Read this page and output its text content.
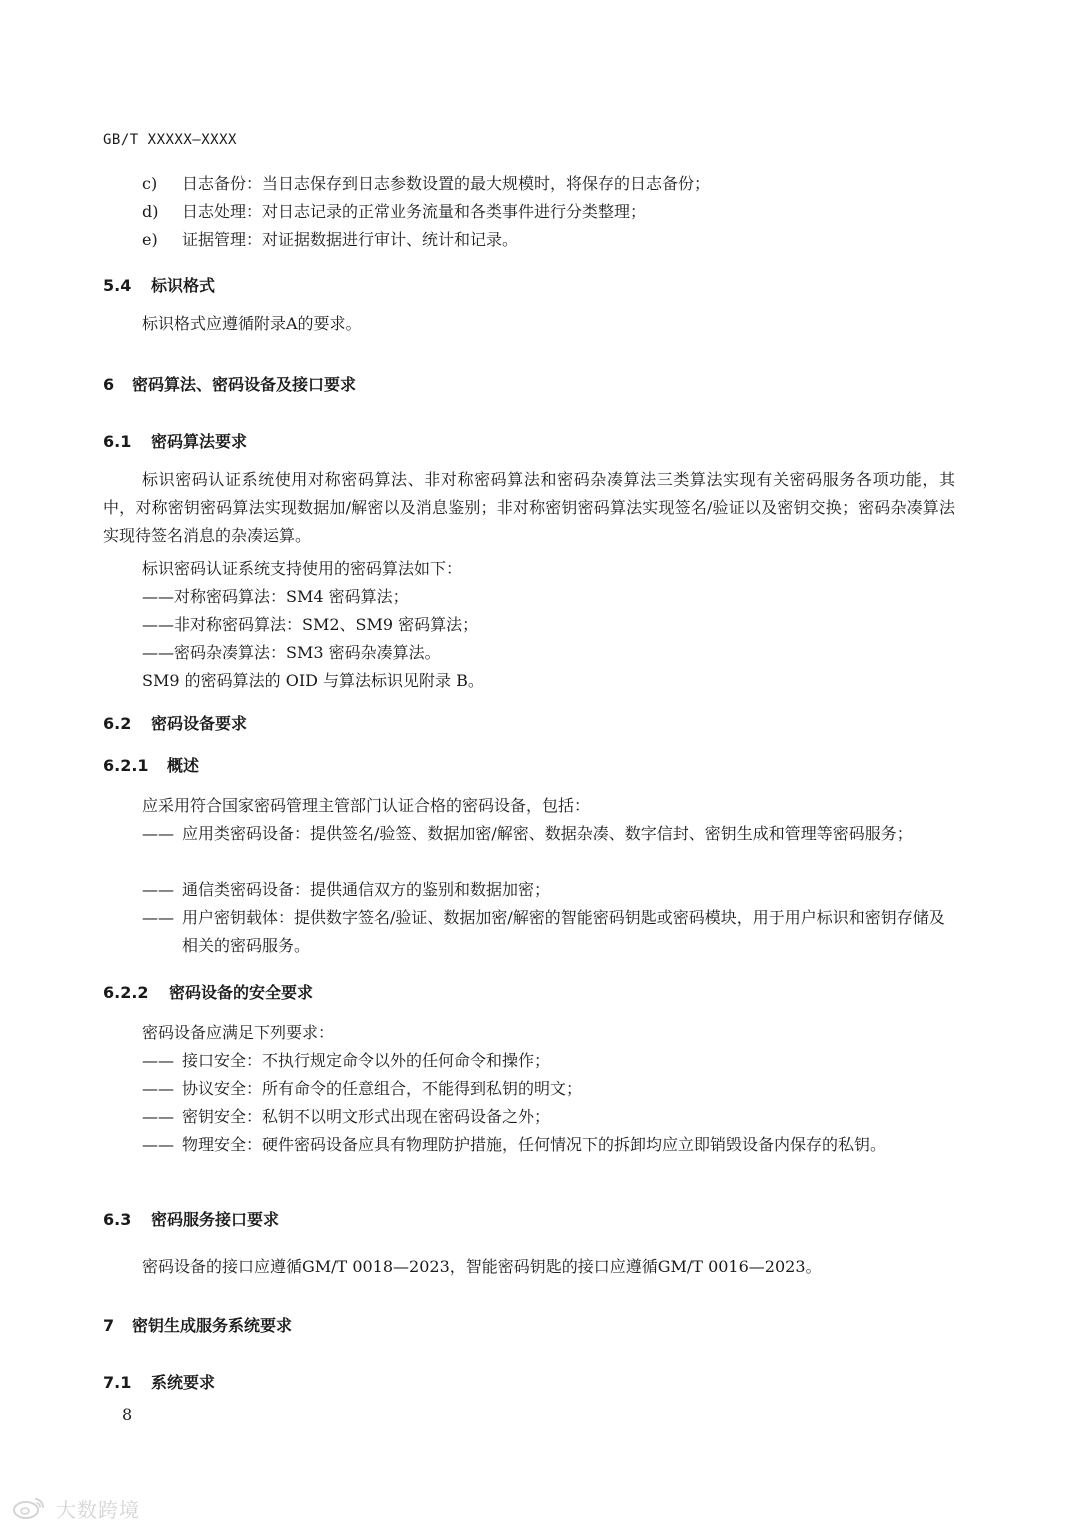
GB/T XXXXX—XXXX
c) 日志备份：当日志保存到日志参数设置的最大规模时，将保存的日志备份；
d) 日志处理：对日志记录的正常业务流量和各类事件进行分类整理；
e) 证据管理：对证据数据进行审计、统计和记录。
5.4 标识格式
标识格式应遵循附录A的要求。
6 密码算法、密码设备及接口要求
6.1 密码算法要求
标识密码认证系统使用对称密码算法、非对称密码算法和密码杂凑算法三类算法实现有关密码服务各项功能，其中，对称密钥密码算法实现数据加/解密以及消息鉴别；非对称密钥密码算法实现签名/验证以及密钥交换；密码杂凑算法实现待签名消息的杂凑运算。
标识密码认证系统支持使用的密码算法如下：
——对称密码算法：SM4 密码算法；
——非对称密码算法：SM2、SM9 密码算法；
——密码杂凑算法：SM3 密码杂凑算法。
SM9 的密码算法的 OID 与算法标识见附录 B。
6.2 密码设备要求
6.2.1 概述
应采用符合国家密码管理主管部门认证合格的密码设备，包括：
—— 应用类密码设备：提供签名/验签、数据加密/解密、数据杂凑、数字信封、密钥生成和管理等密码服务；
—— 通信类密码设备：提供通信双方的鉴别和数据加密；
—— 用户密钥载体：提供数字签名/验证、数据加密/解密的智能密码钥匙或密码模块，用于用户标识和密钥存储及相关的密码服务。
6.2.2 密码设备的安全要求
密码设备应满足下列要求：
—— 接口安全：不执行规定命令以外的任何命令和操作；
—— 协议安全：所有命令的任意组合，不能得到私钥的明文；
—— 密钥安全：私钥不以明文形式出现在密码设备之外；
—— 物理安全：硬件密码设备应具有物理防护措施，任何情况下的拆卸均应立即销毁设备内保存的私钥。
6.3 密码服务接口要求
密码设备的接口应遵循GM/T 0018—2023，智能密码钥匙的接口应遵循GM/T 0016—2023。
7 密钥生成服务系统要求
7.1 系统要求
8
大数跨境
